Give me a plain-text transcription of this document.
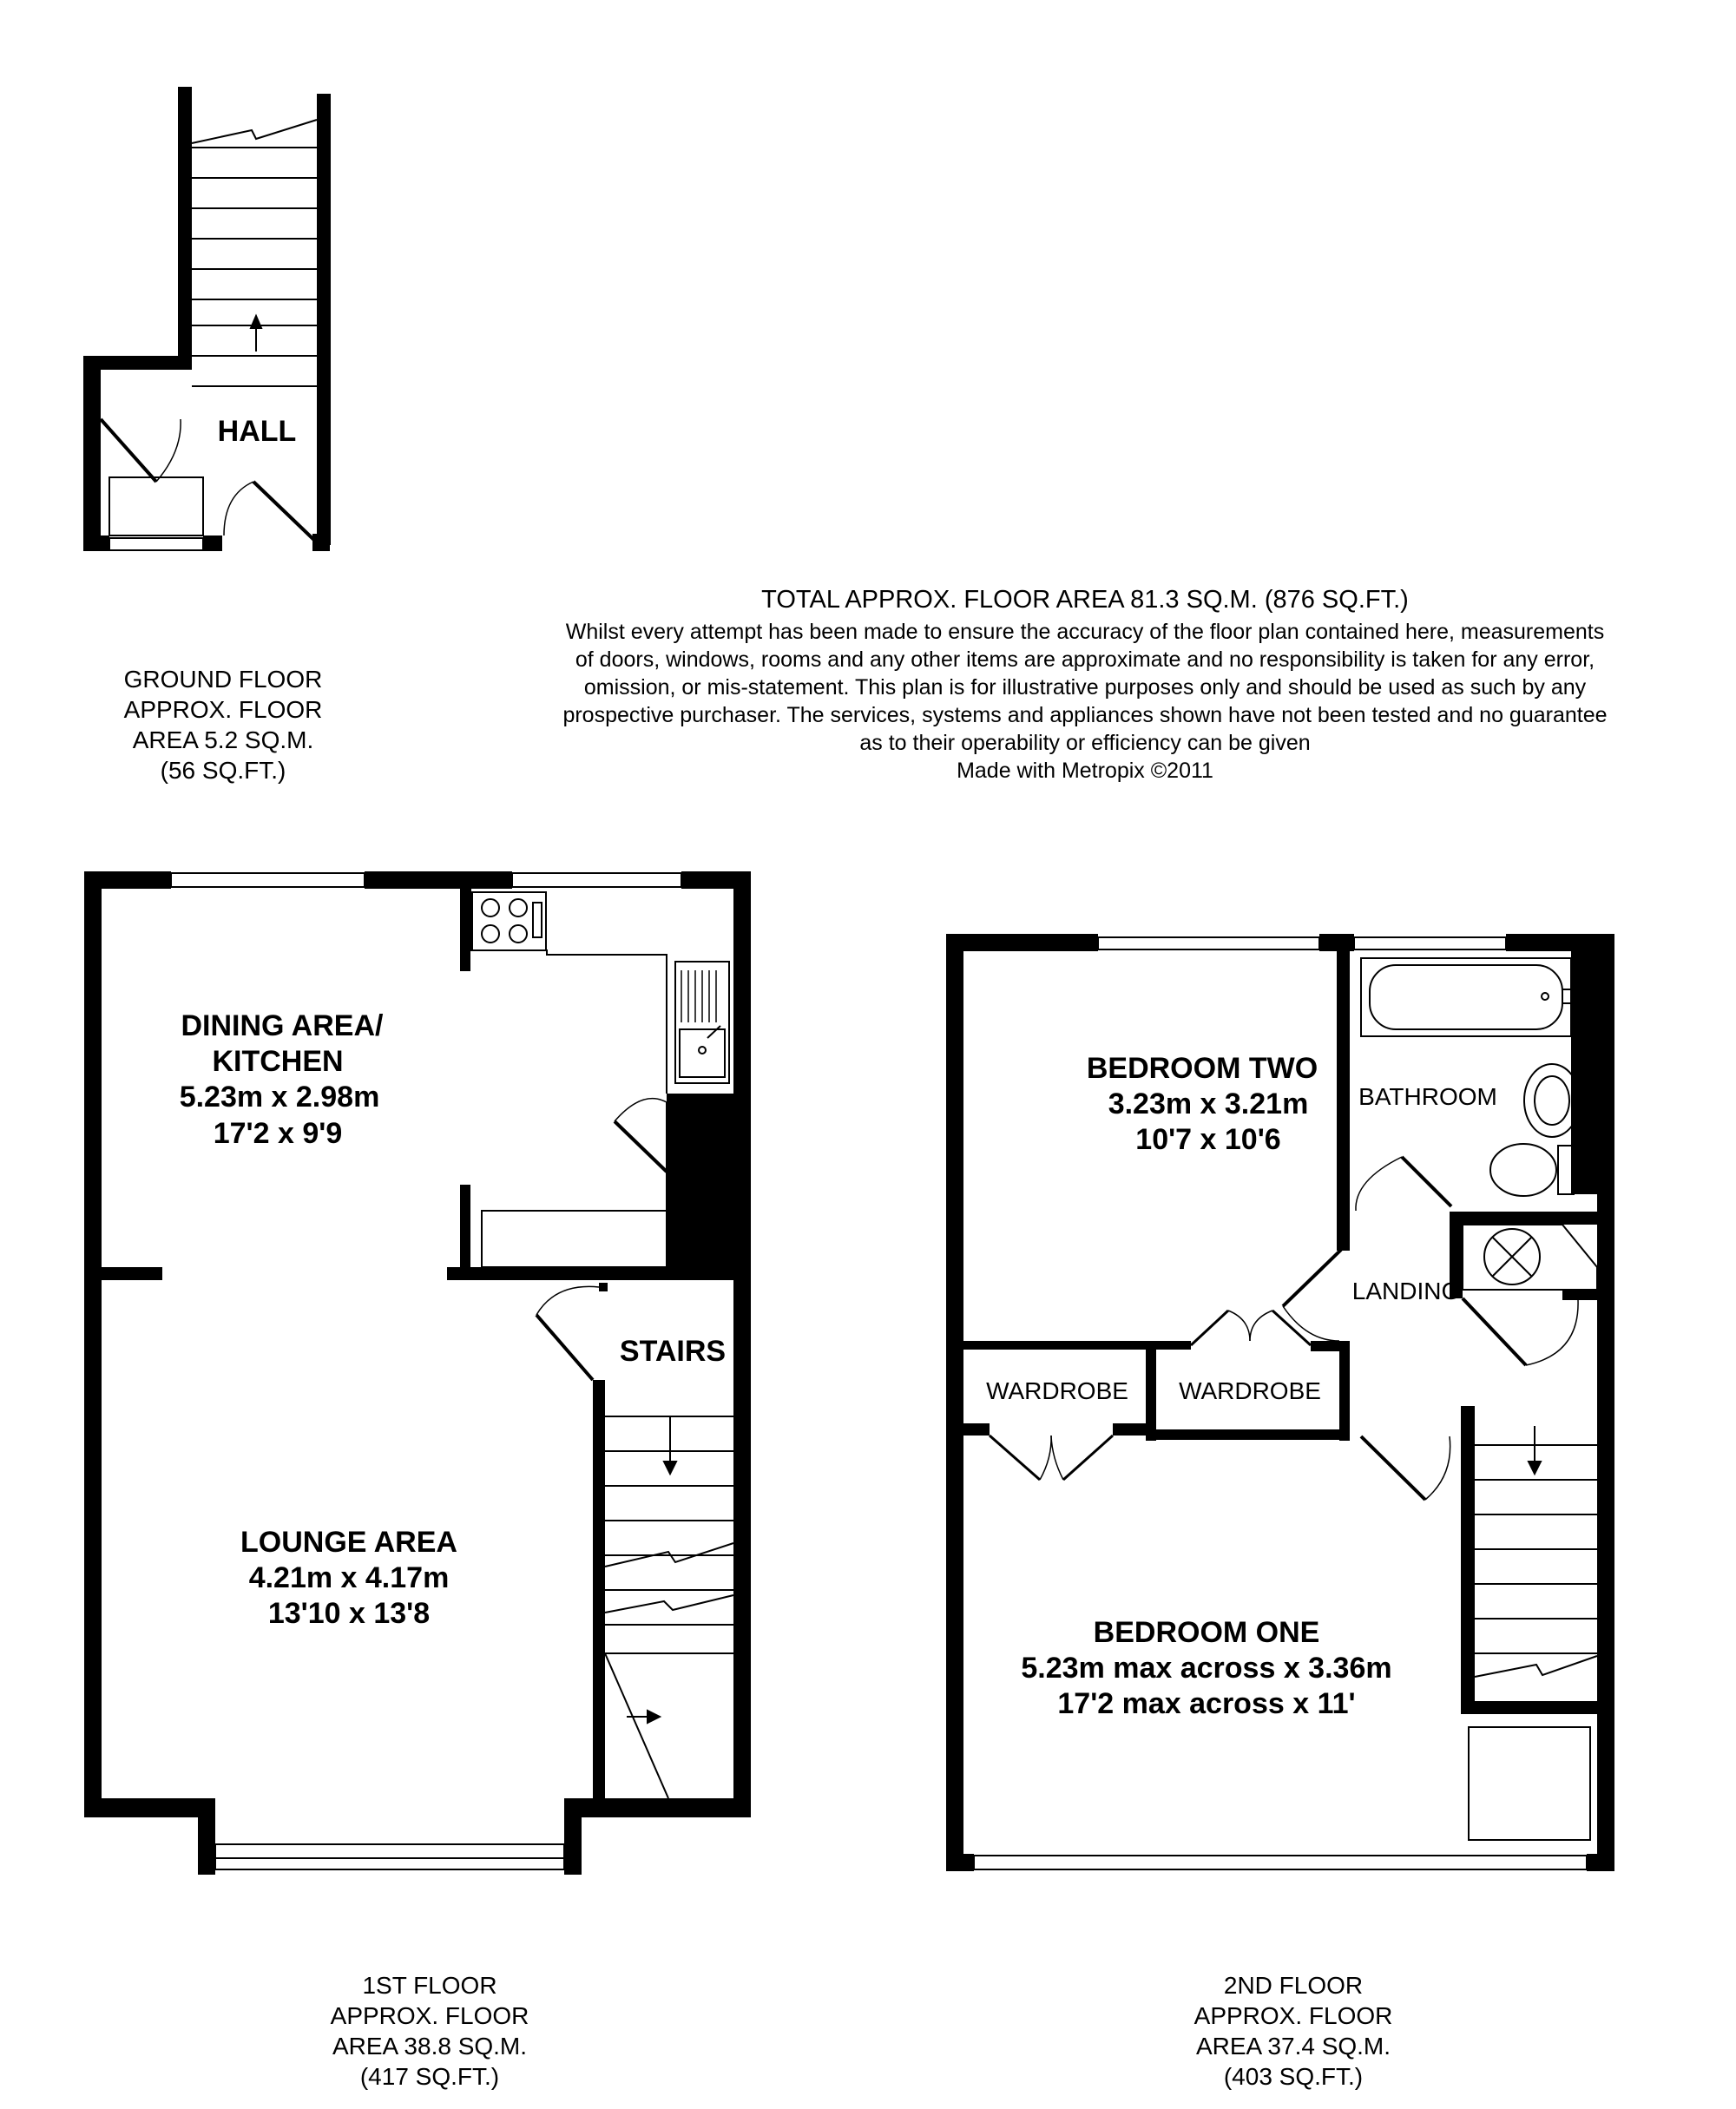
HALL
GROUND FLOOR
APPROX. FLOOR
AREA 5.2 SQ.M.
(56 SQ.FT.)
TOTAL APPROX. FLOOR AREA 81.3 SQ.M. (876 SQ.FT.)
Whilst every attempt has been made to ensure the accuracy of the floor plan contained here, measurements
of doors, windows, rooms and any other items are approximate and no responsibility is taken for any error,
omission, or mis-statement. This plan is for illustrative purposes only and should be used as such by any
prospective purchaser. The services, systems and appliances shown have not been tested and no guarantee
as to their operability or efficiency can be given
Made with Metropix ©2011
DINING AREA/
KITCHEN
5.23m x 2.98m
17'2 x 9'9
STAIRS
LOUNGE AREA
4.21m x 4.17m
13'10 x 13'8
1ST FLOOR
APPROX. FLOOR
AREA 38.8 SQ.M.
(417 SQ.FT.)
BEDROOM TWO
3.23m x 3.21m
10'7 x 10'6
BATHROOM
LANDING
WARDROBE WARDROBE
BEDROOM ONE
5.23m max across x 3.36m
17'2 max across x 11'
2ND FLOOR
APPROX. FLOOR
AREA 37.4 SQ.M.
(403 SQ.FT.)
